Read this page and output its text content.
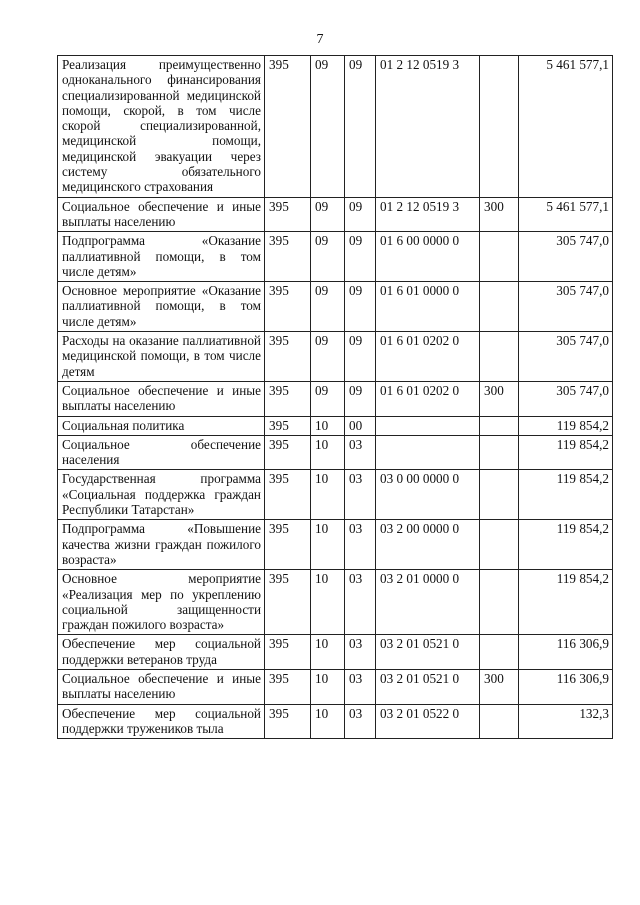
7
Реализация преимущественно одноканального финансирования специализированной медицинской помощи, скорой, в том числе скорой специализированной, медицинской помощи, медицинской эвакуации через систему обязательного медицинского страхования	395	09	09	01 2 12 0519 3		5 461 577,1
Социальное обеспечение и иные выплаты населению	395	09	09	01 2 12 0519 3	300	5 461 577,1
Подпрограмма «Оказание паллиативной помощи, в том числе детям»	395	09	09	01 6 00 0000 0		305 747,0
Основное мероприятие «Оказание паллиативной помощи, в том числе детям»	395	09	09	01 6 01 0000 0		305 747,0
Расходы на оказание паллиативной медицинской помощи, в том числе детям	395	09	09	01 6 01 0202 0		305 747,0
Социальное обеспечение и иные выплаты населению	395	09	09	01 6 01 0202 0	300	305 747,0
Социальная политика	395	10	00			119 854,2
Социальное обеспечение населения	395	10	03			119 854,2
Государственная программа «Социальная поддержка граждан Республики Татарстан»	395	10	03	03 0 00 0000 0		119 854,2
Подпрограмма «Повышение качества жизни граждан пожилого возраста»	395	10	03	03 2 00 0000 0		119 854,2
Основное мероприятие «Реализация мер по укреплению социальной защищенности граждан пожилого возраста»	395	10	03	03 2 01 0000 0		119 854,2
Обеспечение мер социальной поддержки ветеранов труда	395	10	03	03 2 01 0521 0		116 306,9
Социальное обеспечение и иные выплаты населению	395	10	03	03 2 01 0521 0	300	116 306,9
Обеспечение мер социальной поддержки тружеников тыла	395	10	03	03 2 01 0522 0		132,3
